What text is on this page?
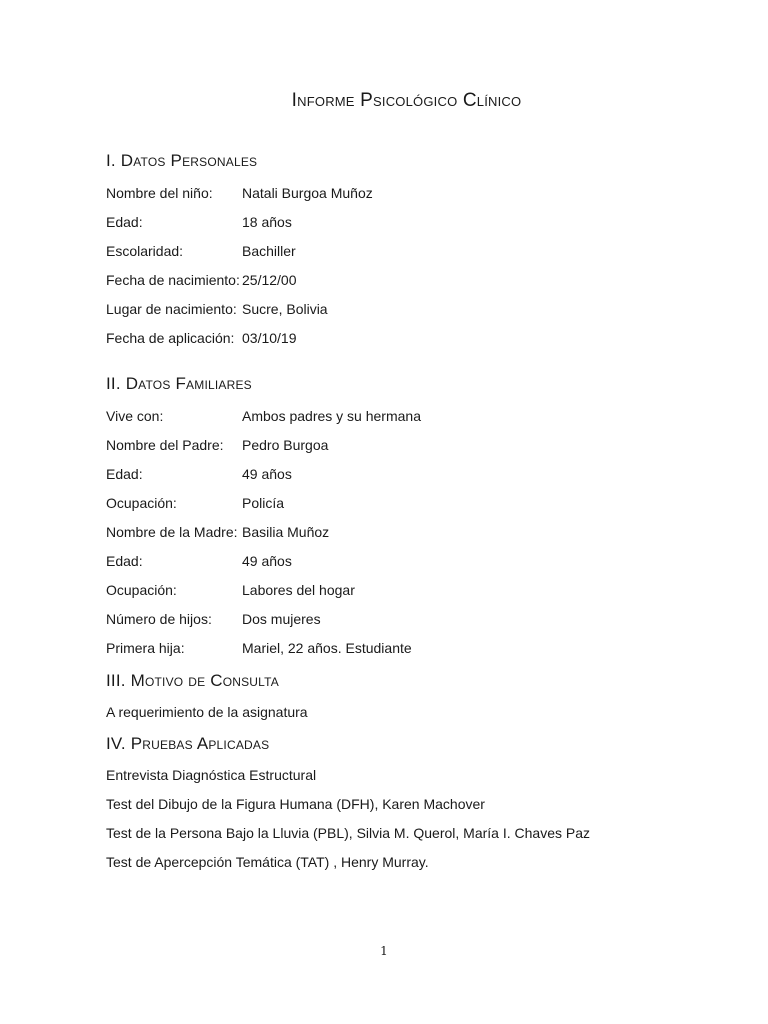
Informe Psicológico Clínico
I. Datos Personales
Nombre del niño: Natali Burgoa Muñoz
Edad:	18 años
Escolaridad:	Bachiller
Fecha de nacimiento: 25/12/00
Lugar de nacimiento: Sucre, Bolivia
Fecha de aplicación: 03/10/19
II. Datos Familiares
Vive con:	Ambos padres y su hermana
Nombre del Padre: Pedro Burgoa
Edad:	49 años
Ocupación:	Policía
Nombre de la Madre: Basilia Muñoz
Edad:	49 años
Ocupación:	Labores del hogar
Número de hijos: Dos mujeres
Primera hija:	Mariel, 22 años. Estudiante
III. Motivo de Consulta
A requerimiento de la asignatura
IV. Pruebas Aplicadas
Entrevista Diagnóstica Estructural
Test del Dibujo de la Figura Humana (DFH), Karen Machover
Test de la Persona Bajo la Lluvia (PBL), Silvia M. Querol, María I. Chaves Paz
Test de Apercepción Temática (TAT) , Henry Murray.
1
